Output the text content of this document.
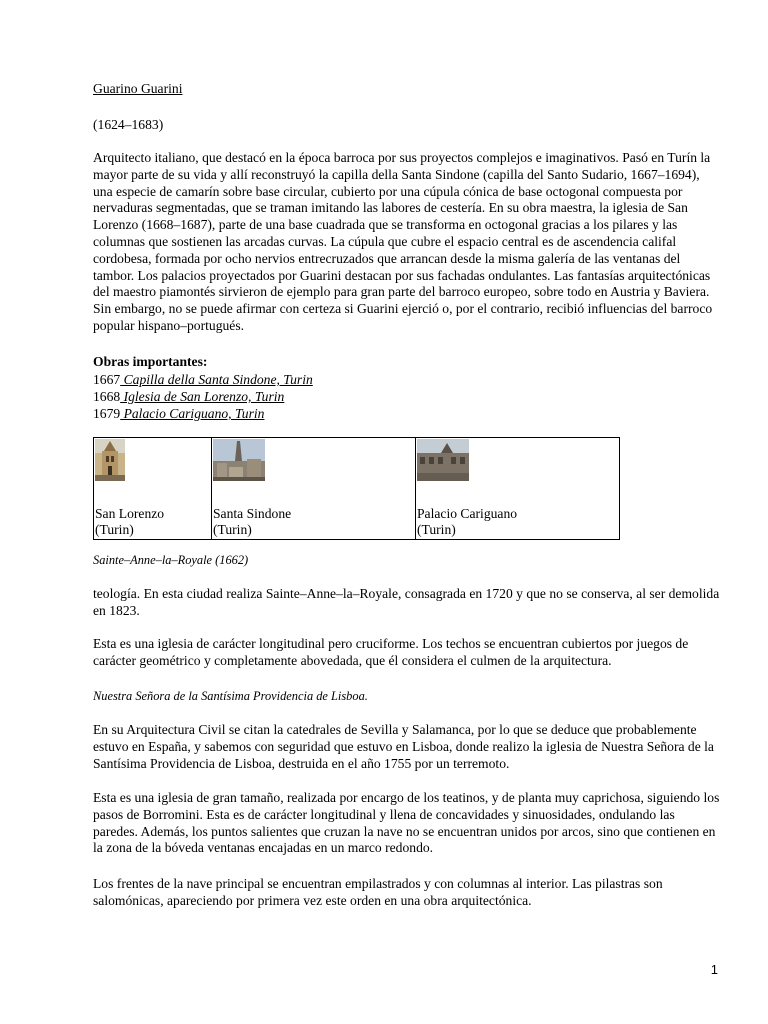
Guarino Guarini

(1624–1683)

Arquitecto italiano, que destacó en la época barroca por sus proyectos complejos e imaginativos. Pasó en Turín la mayor parte de su vida y allí reconstruyó la capilla della Santa Sindone (capilla del Santo Sudario, 1667–1694), una especie de camarín sobre base circular, cubierto por una cúpula cónica de base octogonal compuesta por nervaduras segmentadas, que se traman imitando las labores de cestería. En su obra maestra, la iglesia de San Lorenzo (1668–1687), parte de una base cuadrada que se transforma en octogonal gracias a los pilares y las columnas que sostienen las arcadas curvas. La cúpula que cubre el espacio central es de ascendencia califal cordobesa, formada por ocho nervios entrecruzados que arrancan desde la misma galería de las ventanas del tambor. Los palacios proyectados por Guarini destacan por sus fachadas ondulantes. Las fantasías arquitectónicas del maestro piamontés sirvieron de ejemplo para gran parte del barroco europeo, sobre todo en Austria y Baviera. Sin embargo, no se puede afirmar con certeza si Guarini ejerció o, por el contrario, recibió influencias del barroco popular hispano–portugués.

Obras importantes:

1667 Capilla della Santa Sindone, Turin
1668 Iglesia de San Lorenzo, Turin
1679 Palacio Cariguano, Turin
San Lorenzo
(Turin)

Santa Sindone
(Turin)

Palacio Cariguano
(Turin)

Sainte–Anne–la–Royale (1662)

teología. En esta ciudad realiza Sainte–Anne–la–Royale, consagrada en 1720 y que no se conserva, al ser demolida en 1823.

Esta es una iglesia de carácter longitudinal pero cruciforme. Los techos se encuentran cubiertos por juegos de carácter geométrico y completamente abovedada, que él considera el culmen de la arquitectura.

Nuestra Señora de la Santísima Providencia de Lisboa.

En su Arquitectura Civil se citan la catedrales de Sevilla y Salamanca, por lo que se deduce que probablemente estuvo en España, y sabemos con seguridad que estuvo en Lisboa, donde realizo la iglesia de Nuestra Señora de la Santísima Providencia de Lisboa, destruida en el año 1755 por un terremoto.

Esta es una iglesia de gran tamaño, realizada por encargo de los teatinos, y de planta muy caprichosa, siguiendo los pasos de Borromini. Esta es de carácter longitudinal y llena de concavidades y sinuosidades, ondulando las paredes. Además, los puntos salientes que cruzan la nave no se encuentran unidos por arcos, sino que contienen en la zona de la bóveda ventanas encajadas en un marco redondo.

Los frentes de la nave principal se encuentran empilastrados y con columnas al interior. Las pilastras son salomónicas, apareciendo por primera vez este orden en una obra arquitectónica.

1
